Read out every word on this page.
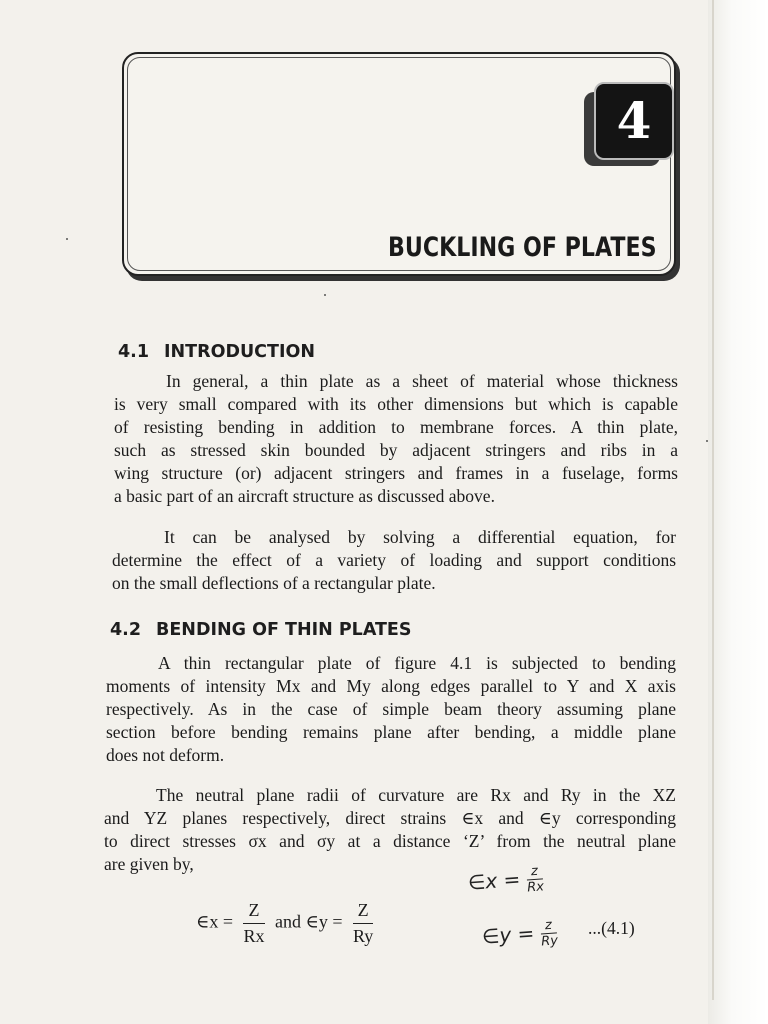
4
BUCKLING OF PLATES
4.1 INTRODUCTION
In general, a thin plate as a sheet of material whose thickness
is very small compared with its other dimensions but which is capable
of resisting bending in addition to membrane forces. A thin plate,
such as stressed skin bounded by adjacent stringers and ribs in a
wing structure (or) adjacent stringers and frames in a fuselage, forms
a basic part of an aircraft structure as discussed above.
It can be analysed by solving a differential equation, for
determine the effect of a variety of loading and support conditions
on the small deflections of a rectangular plate.
4.2 BENDING OF THIN PLATES
A thin rectangular plate of figure 4.1 is subjected to bending
moments of intensity Mx and My along edges parallel to Y and X axis
respectively. As in the case of simple beam theory assuming plane
section before bending remains plane after bending, a middle plane
does not deform.
The neutral plane radii of curvature are Rx and Ry in the XZ
and YZ planes respectively, direct strains ∈x and ∈y corresponding
to direct stresses σx and σy at a distance ‘Z’ from the neutral plane
are given by,
∈x = $\frac{Z}{Rx}$ and ∈y = $\frac{Z}{Ry}$	...(4.1)
∈x = $\frac{z}{Rx}$
∈y = $\frac{z}{Ry}$
